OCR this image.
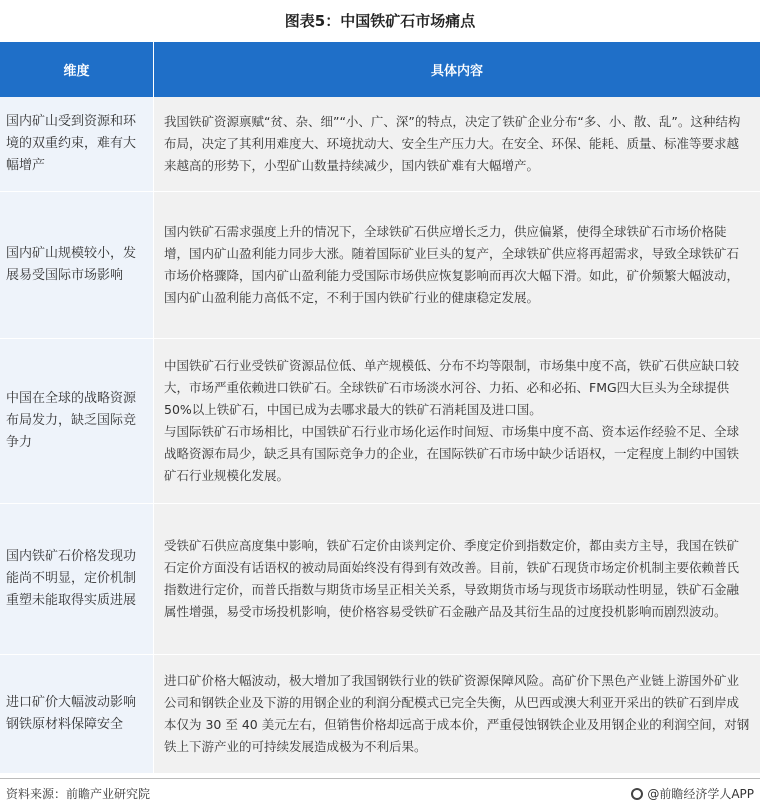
图表5：中国铁矿石市场痛点
维度	具体内容
国内矿山受到资源和环境的双重约束，难有大幅增产

我国铁矿资源禀赋“贫、杂、细”“小、广、深”的特点，决定了铁矿企业分布“多、小、散、乱”。这种结构布局，决定了其利用难度大、环境扰动大、安全生产压力大。在安全、环保、能耗、质量、标准等要求越来越高的形势下，小型矿山数量持续减少，国内铁矿难有大幅增产。

国内矿山规模较小，发展易受国际市场影响

国内铁矿石需求强度上升的情况下，全球铁矿石供应增长乏力，供应偏紧，使得全球铁矿石市场价格陡增，国内矿山盈利能力同步大涨。随着国际矿业巨头的复产，全球铁矿供应将再超需求，导致全球铁矿石市场价格骤降，国内矿山盈利能力受国际市场供应恢复影响而再次大幅下滑。如此，矿价频繁大幅波动，国内矿山盈利能力高低不定，不利于国内铁矿行业的健康稳定发展。

中国在全球的战略资源布局发力，缺乏国际竞争力

中国铁矿石行业受铁矿资源品位低、单产规模低、分布不均等限制，市场集中度不高，铁矿石供应缺口较大，市场严重依赖进口铁矿石。全球铁矿石市场淡水河谷、力拓、必和必拓、FMG四大巨头为全球提供 50%以上铁矿石，中国已成为去哪求最大的铁矿石消耗国及进口国。

与国际铁矿石市场相比，中国铁矿石行业市场化运作时间短、市场集中度不高、资本运作经验不足、全球战略资源布局少，缺乏具有国际竞争力的企业，在国际铁矿石市场中缺少话语权，一定程度上制约中国铁矿石行业规模化发展。

国内铁矿石价格发现功能尚不明显，定价机制重塑未能取得实质进展

受铁矿石供应高度集中影响，铁矿石定价由谈判定价、季度定价到指数定价，都由卖方主导，我国在铁矿石定价方面没有话语权的被动局面始终没有得到有效改善。目前，铁矿石现货市场定价机制主要依赖普氏指数进行定价，而普氏指数与期货市场呈正相关关系，导致期货市场与现货市场联动性明显，铁矿石金融属性增强，易受市场投机影响，使价格容易受铁矿石金融产品及其衍生品的过度投机影响而剧烈波动。

进口矿价大幅波动影响钢铁原材料保障安全

进口矿价格大幅波动，极大增加了我国钢铁行业的铁矿资源保障风险。高矿价下黑色产业链上游国外矿业公司和钢铁企业及下游的用钢企业的利润分配模式已完全失衡，从巴西或澳大利亚开采出的铁矿石到岸成本仅为 30 至 40 美元左右，但销售价格却远高于成本价，严重侵蚀钢铁企业及用钢企业的利润空间，对钢铁上下游产业的可持续发展造成极为不利后果。

资料来源：前瞻产业研究院	@前瞻经济学人APP
